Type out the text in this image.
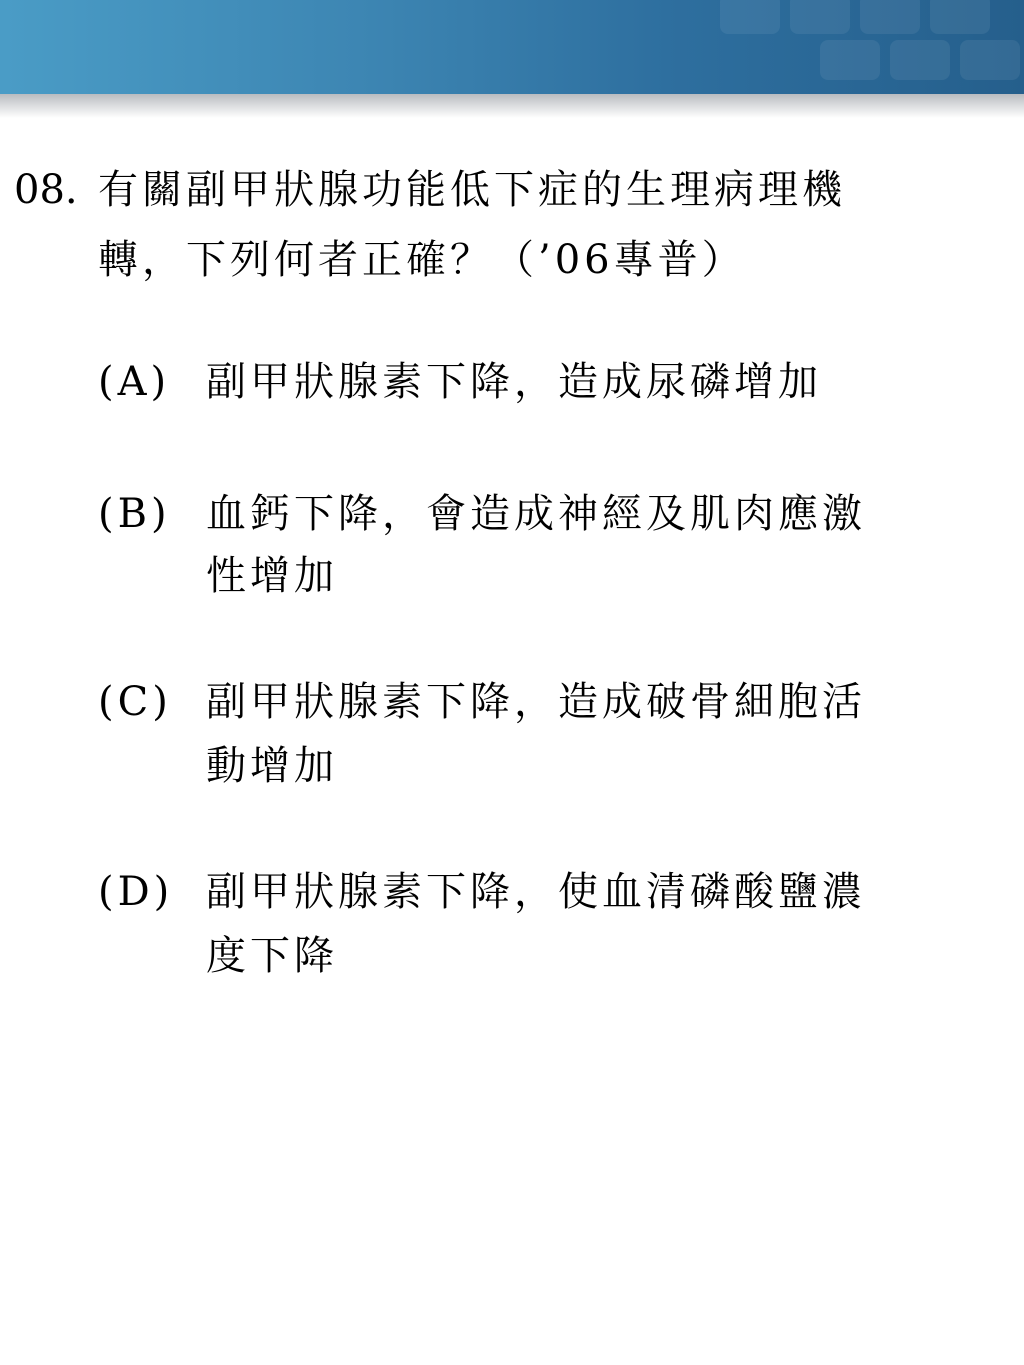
08. 有關副甲狀腺功能低下症的生理病理機
轉，下列何者正確？（’06專普）
(A) 副甲狀腺素下降，造成尿磷增加
(B) 血鈣下降，會造成神經及肌肉應激
性增加
(C) 副甲狀腺素下降，造成破骨細胞活
動增加
(D) 副甲狀腺素下降，使血清磷酸鹽濃
度下降
